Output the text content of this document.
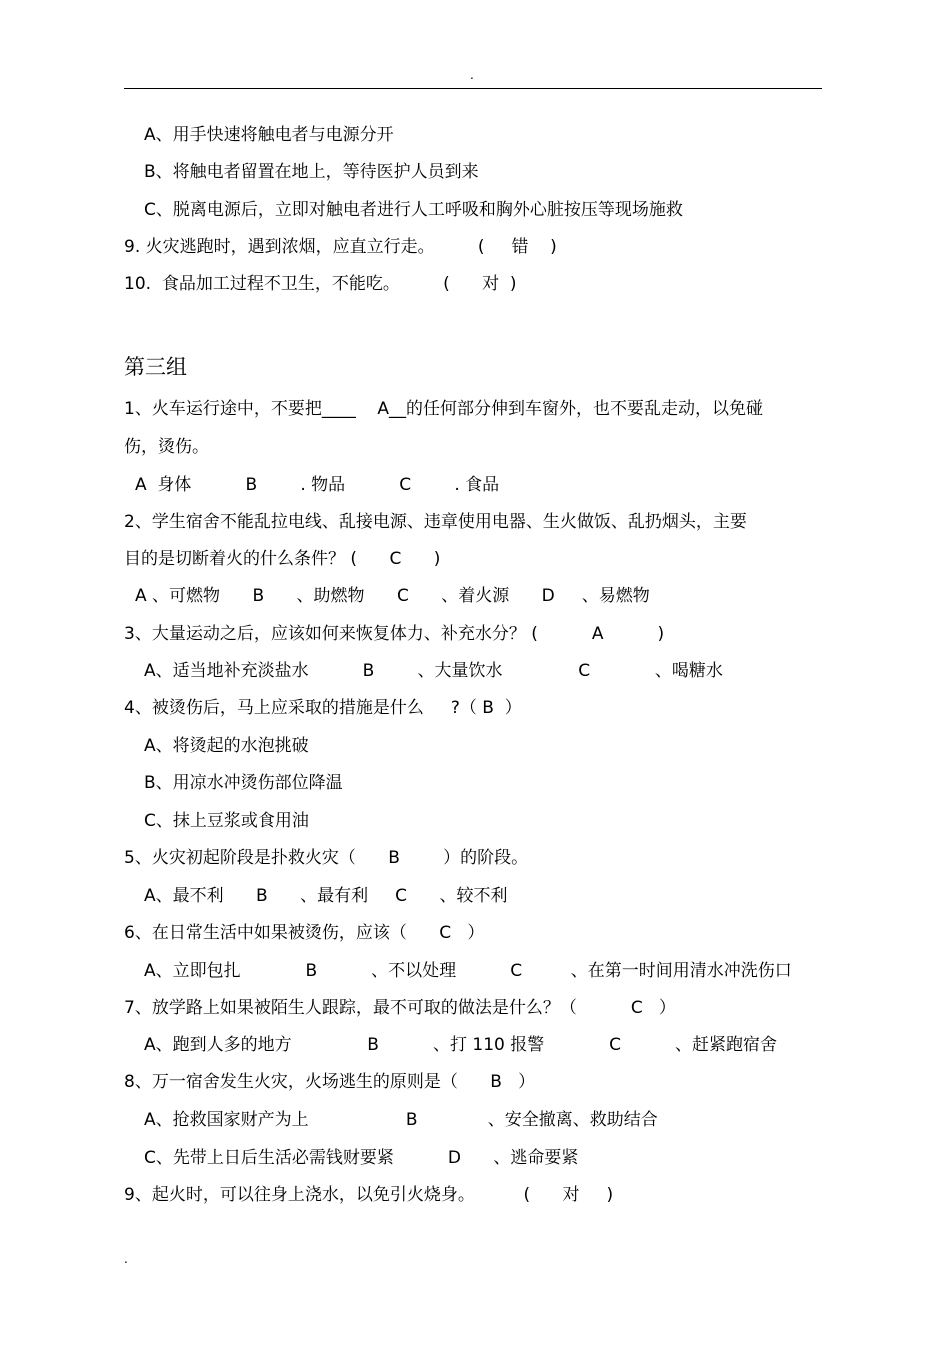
.
A、用手快速将触电者与电源分开
B、将触电者留置在地上，等待医护人员到来
C、脱离电源后，立即对触电者进行人工呼吸和胸外心脏按压等现场施救
9. 火灾逃跑时，遇到浓烟，应直立行走。        (     错    )
10.  食品加工过程不卫生，不能吃。        (      对  )
第三组
1、火车运行途中，不要把____    A__的任何部分伸到车窗外，也不要乱走动，以免碰
伤，烫伤。
A  身体          B        . 物品          C        . 食品
2、学生宿舍不能乱拉电线、乱接电源、违章使用电器、生火做饭、乱扔烟头，主要
目的是切断着火的什么条件？ (      C      )
A 、可燃物      B      、助燃物      C      、着火源      D     、易燃物
3、大量运动之后，应该如何来恢复体力、补充水分？ (          A          )
A、适当地补充淡盐水          B        、大量饮水              C            、喝糖水
4、被烫伤后，马上应采取的措施是什么     ?（ B  ）
A、将烫起的水泡挑破
B、用凉水冲烫伤部位降温
C、抹上豆浆或食用油
5、火灾初起阶段是扑救火灾（      B        ）的阶段。
A、最不利      B      、最有利     C      、较不利
6、在日常生活中如果被烫伤，应该（      C   ）
A、立即包扎            B          、不以处理          C         、在第一时间用清水冲洗伤口
7、放学路上如果被陌生人跟踪，最不可取的做法是什么？（          C   ）
A、跑到人多的地方              B          、打 110 报警            C          、赶紧跑宿舍
8、万一宿舍发生火灾，火场逃生的原则是（      B   ）
A、抢救国家财产为上                  B             、安全撤离、救助结合
C、先带上日后生活必需钱财要紧          D      、逃命要紧
9、起火时，可以往身上浇水，以免引火烧身。         (      对     )
.
